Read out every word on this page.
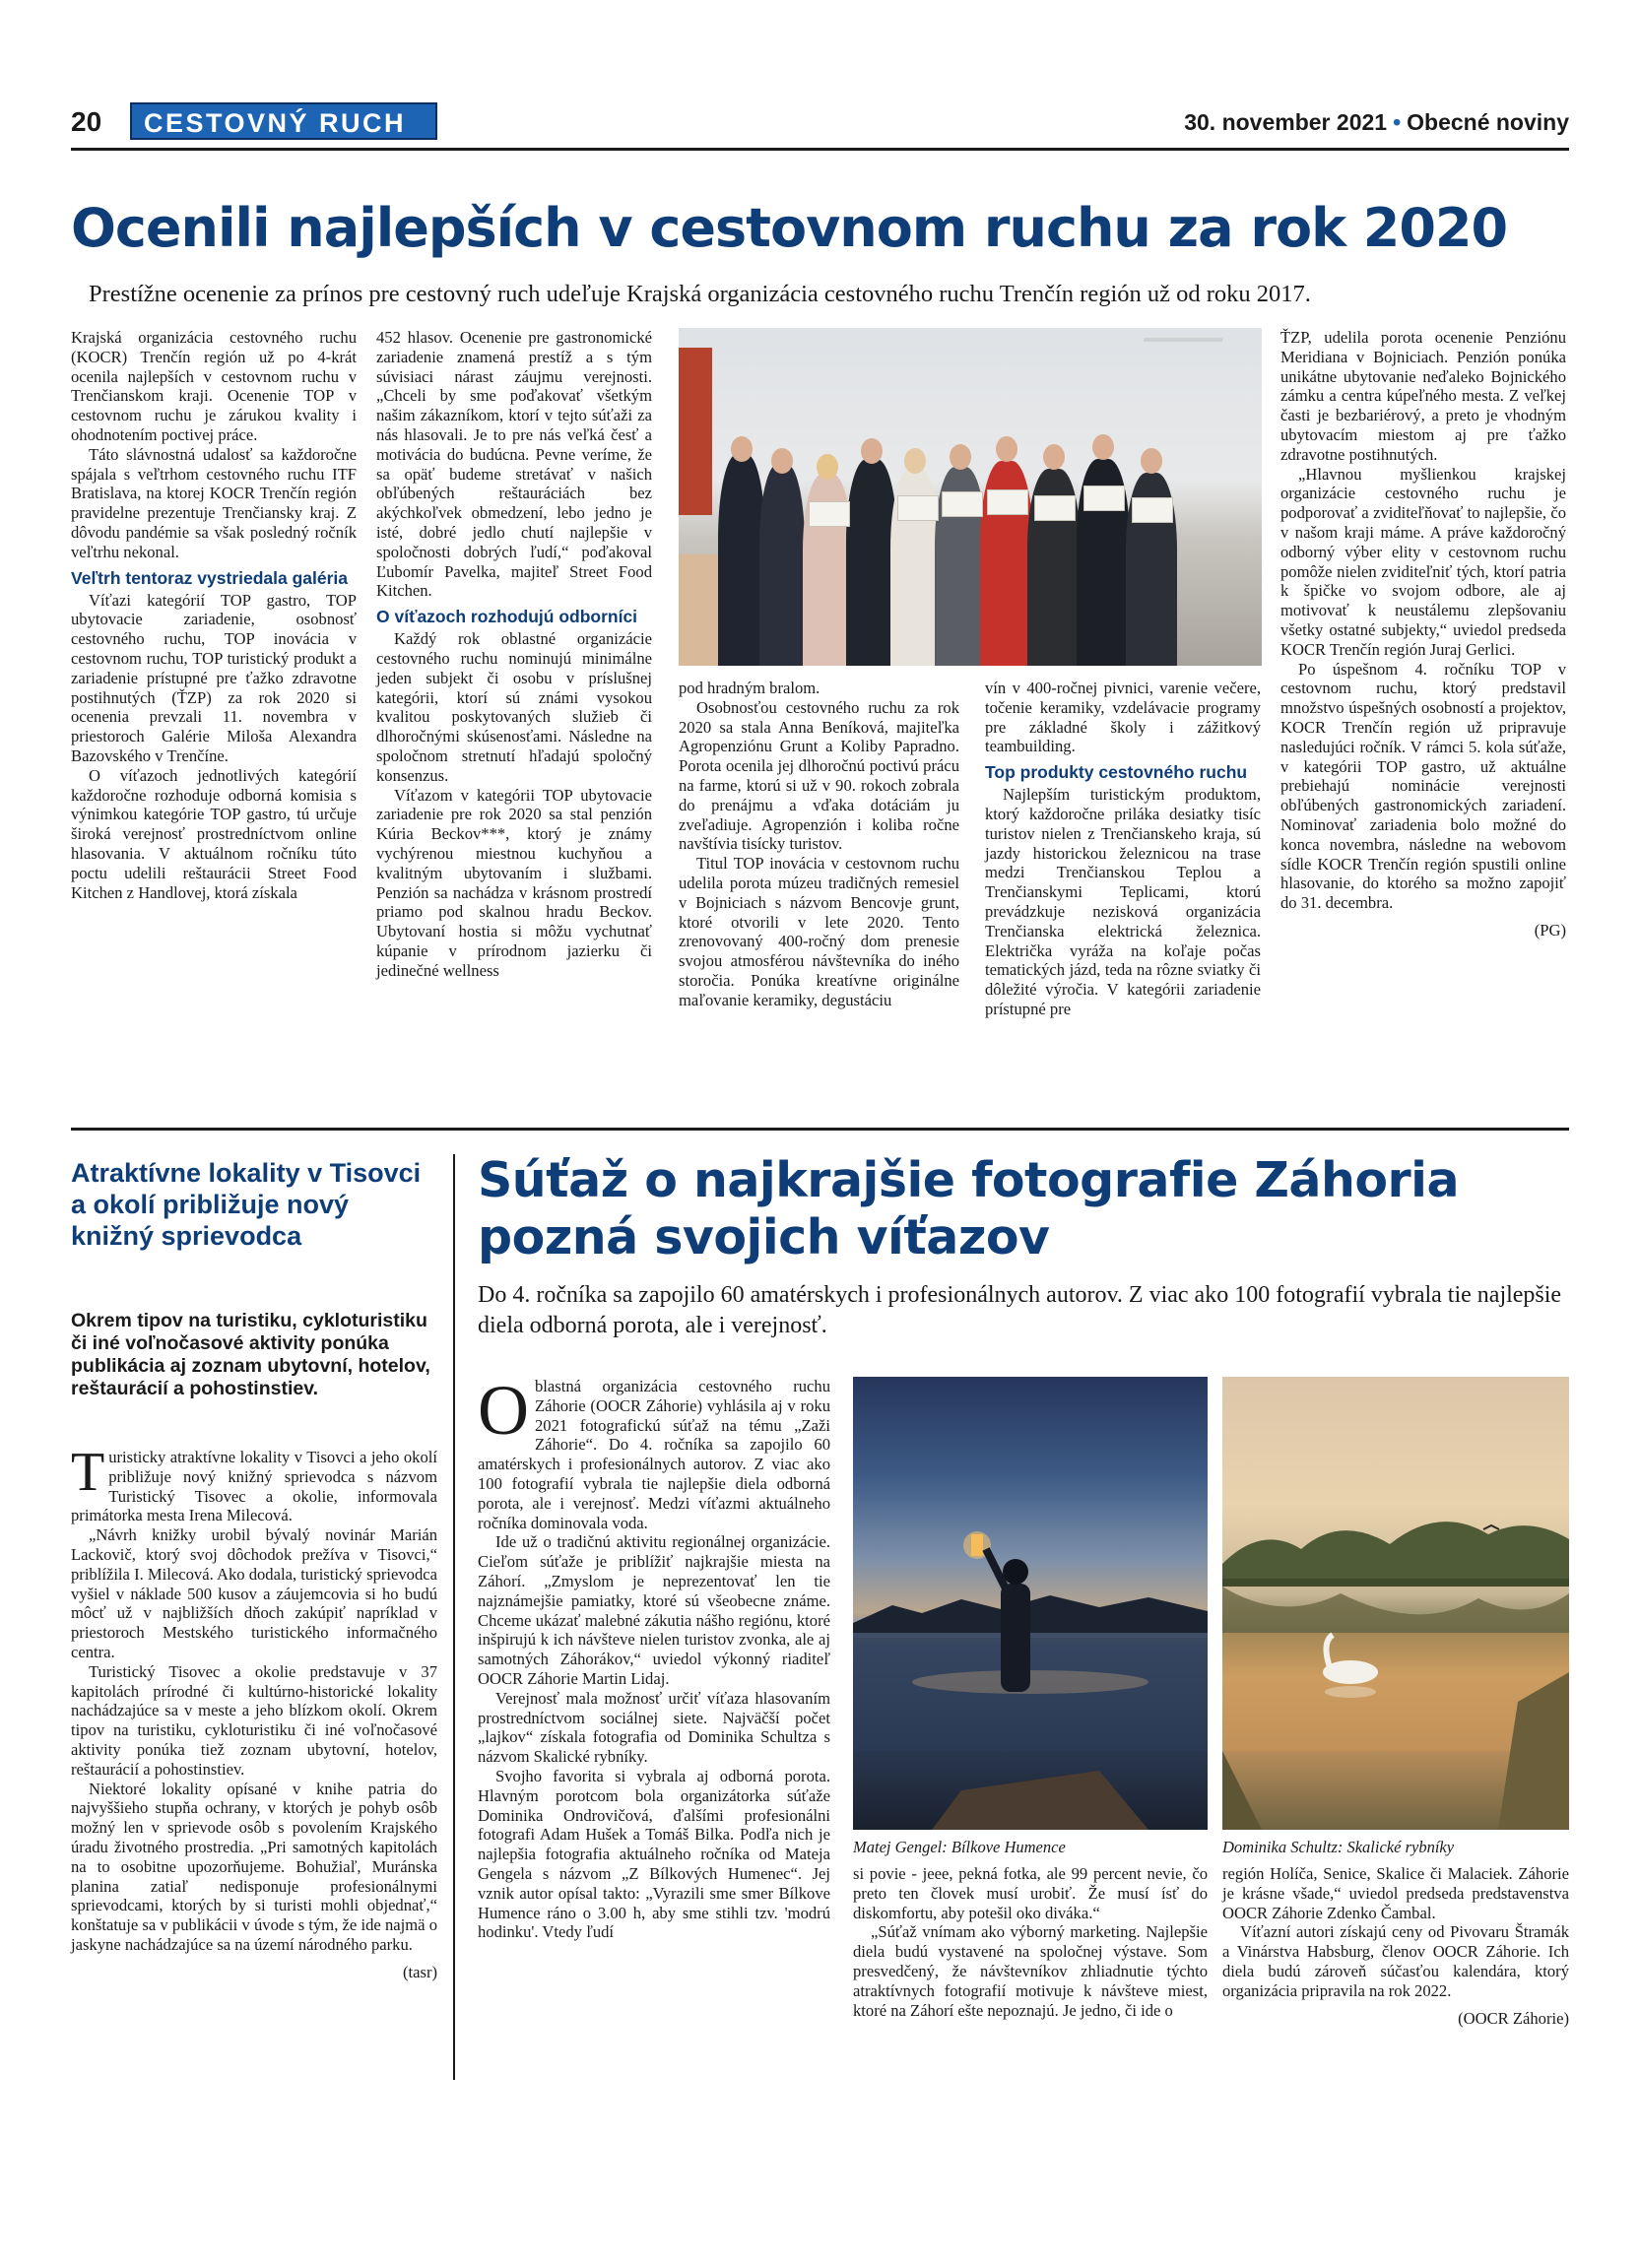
20	CESTOVNÝ RUCH	30. november 2021 • Obecné noviny
Ocenili najlepších v cestovnom ruchu za rok 2020
Prestížne ocenenie za prínos pre cestovný ruch udeľuje Krajská organizácia cestovného ruchu Trenčín región už od roku 2017.

Krajská organizácia cestovného ruchu (KOCR) Trenčín región už po 4-krát ocenila najlepších v cestovnom ruchu v Trenčianskom kraji. Ocenenie TOP v cestovnom ruchu je zárukou kvality i ohodnotením poctivej práce.

Táto slávnostná udalosť sa každoročne spájala s veľtrhom cestovného ruchu ITF Bratislava, na ktorej KOCR Trenčín región pravidelne prezentuje Trenčiansky kraj. Z dôvodu pandémie sa však posledný ročník veľtrhu nekonal.

Veľtrh tentoraz vystriedala galéria

Víťazi kategórií TOP gastro, TOP ubytovacie zariadenie, osobnosť cestovného ruchu, TOP inovácia v cestovnom ruchu, TOP turistický produkt a zariadenie prístupné pre ťažko zdravotne postihnutých (ŤZP) za rok 2020 si ocenenia prevzali 11. novembra v priestoroch Galérie Miloša Alexandra Bazovského v Trenčíne.

O víťazoch jednotlivých kategórií každoročne rozhoduje odborná komisia s výnimkou kategórie TOP gastro, tú určuje široká verejnosť prostredníctvom online hlasovania. V aktuálnom ročníku túto poctu udelili reštaurácii Street Food Kitchen z Handlovej, ktorá získala

452 hlasov. Ocenenie pre gastronomické zariadenie znamená prestíž a s tým súvisiaci nárast záujmu verejnosti. „Chceli by sme poďakovať všetkým našim zákazníkom, ktorí v tejto súťaži za nás hlasovali. Je to pre nás veľká česť a motivácia do budúcna. Pevne veríme, že sa opäť budeme stretávať v našich obľúbených reštauráciách bez akýchkoľvek obmedzení, lebo jedno je isté, dobré jedlo chutí najlepšie v spoločnosti dobrých ľudí,“ poďakoval Ľubomír Pavelka, majiteľ Street Food Kitchen.

O víťazoch rozhodujú odborníci

Každý rok oblastné organizácie cestovného ruchu nominujú minimálne jeden subjekt či osobu v príslušnej kategórii, ktorí sú známi vysokou kvalitou poskytovaných služieb či dlhoročnými skúsenosťami. Následne na spoločnom stretnutí hľadajú spoločný konsenzus.

Víťazom v kategórii TOP ubytovacie zariadenie pre rok 2020 sa stal penzión Kúria Beckov***, ktorý je známy vychýrenou miestnou kuchyňou a kvalitným ubytovaním i službami. Penzión sa nachádza v krásnom prostredí priamo pod skalnou hradu Beckov. Ubytovaní hostia si môžu vychutnať kúpanie v prírodnom jazierku či jedinečné wellness

pod hradným bralom.

Osobnosťou cestovného ruchu za rok 2020 sa stala Anna Beníková, majiteľka Agropenziónu Grunt a Koliby Papradno. Porota ocenila jej dlhoročnú poctivú prácu na farme, ktorú si už v 90. rokoch zobrala do prenájmu a vďaka dotáciám ju zveľadiuje. Agropenzión i koliba ročne navštívia tisícky turistov.

Titul TOP inovácia v cestovnom ruchu udelila porota múzeu tradičných remesiel v Bojniciach s názvom Bencovje grunt, ktoré otvorili v lete 2020. Tento zrenovovaný 400-ročný dom prenesie svojou atmosférou návštevníka do iného storočia. Ponúka kreatívne originálne maľovanie keramiky, degustáciu

vín v 400-ročnej pivnici, varenie večere, točenie keramiky, vzdelávacie programy pre základné školy i zážitkový teambuilding.

Top produkty cestovného ruchu

Najlepším turistickým produktom, ktorý každoročne priláka desiatky tisíc turistov nielen z Trenčianskeho kraja, sú jazdy historickou železnicou na trase medzi Trenčianskou Teplou a Trenčianskymi Teplicami, ktorú prevádzkuje nezisková organizácia Trenčianska elektrická železnica. Električka vyráža na koľaje počas tematických jázd, teda na rôzne sviatky či dôležité výročia. V kategórii zariadenie prístupné pre

ŤZP, udelila porota ocenenie Penziónu Meridiana v Bojniciach. Penzión ponúka unikátne ubytovanie neďaleko Bojnického zámku a centra kúpeľného mesta. Z veľkej časti je bezbariérový, a preto je vhodným ubytovacím miestom aj pre ťažko zdravotne postihnutých.

„Hlavnou myšlienkou krajskej organizácie cestovného ruchu je podporovať a zviditeľňovať to najlepšie, čo v našom kraji máme. A práve každoročný odborný výber elity v cestovnom ruchu pomôže nielen zviditeľniť tých, ktorí patria k špičke vo svojom odbore, ale aj motivovať k neustálemu zlepšovaniu všetky ostatné subjekty,“ uviedol predseda KOCR Trenčín región Juraj Gerlici.

Po úspešnom 4. ročníku TOP v cestovnom ruchu, ktorý predstavil množstvo úspešných osobností a projektov, KOCR Trenčín región už pripravuje nasledujúci ročník. V rámci 5. kola súťaže, v kategórii TOP gastro, už aktuálne prebiehajú nominácie verejnosti obľúbených gastronomických zariadení. Nominovať zariadenia bolo možné do konca novembra, následne na webovom sídle KOCR Trenčín región spustili online hlasovanie, do ktorého sa možno zapojiť do 31. decembra.

(PG)
Atraktívne lokality v Tisovci a okolí približuje nový knižný sprievodca
Okrem tipov na turistiku, cykloturistiku či iné voľnočasové aktivity ponúka publikácia aj zoznam ubytovní, hotelov, reštaurácií a pohostinstiev.

Turisticky atraktívne lokality v Tisovci a jeho okolí približuje nový knižný sprievodca s názvom Turistický Tisovec a okolie, informovala primátorka mesta Irena Milecová.

„Návrh knižky urobil bývalý novinár Marián Lackovič, ktorý svoj dôchodok prežíva v Tisovci,“ priblížila I. Milecová. Ako dodala, turistický sprievodca vyšiel v náklade 500 kusov a záujemcovia si ho budú môcť už v najbližších dňoch zakúpiť napríklad v priestoroch Mestského turistického informačného centra.

Turistický Tisovec a okolie predstavuje v 37 kapitolách prírodné či kultúrno-historické lokality nachádzajúce sa v meste a jeho blízkom okolí. Okrem tipov na turistiku, cykloturistiku či iné voľnočasové aktivity ponúka tiež zoznam ubytovní, hotelov, reštaurácií a pohostinstiev.

Niektoré lokality opísané v knihe patria do najvyššieho stupňa ochrany, v ktorých je pohyb osôb možný len v sprievode osôb s povolením Krajského úradu životného prostredia. „Pri samotných kapitolách na to osobitne upozorňujeme. Bohužiaľ, Muránska planina zatiaľ nedisponuje profesionálnymi sprievodcami, ktorých by si turisti mohli objednať,“ konštatuje sa v publikácii v úvode s tým, že ide najmä o jaskyne nachádzajúce sa na území národného parku.

(tasr)
Súťaž o najkrajšie fotografie Záhoria pozná svojich víťazov
Do 4. ročníka sa zapojilo 60 amatérskych i profesionálnych autorov. Z viac ako 100 fotografií vybrala tie najlepšie diela odborná porota, ale i verejnosť.

Oblastná organizácia cestovného ruchu Záhorie (OOCR Záhorie) vyhlásila aj v roku 2021 fotografickú súťaž na tému „Zaži Záhorie“. Do 4. ročníka sa zapojilo 60 amatérskych i profesionálnych autorov. Z viac ako 100 fotografií vybrala tie najlepšie diela odborná porota, ale i verejnosť. Medzi víťazmi aktuálneho ročníka dominovala voda.

Ide už o tradičnú aktivitu regionálnej organizácie. Cieľom súťaže je priblížiť najkrajšie miesta na Záhorí. „Zmyslom je neprezentovať len tie najznámejšie pamiatky, ktoré sú všeobecne známe. Chceme ukázať malebné zákutia nášho regiónu, ktoré inšpirujú k ich návšteve nielen turistov zvonka, ale aj samotných Záhorákov,“ uviedol výkonný riaditeľ OOCR Záhorie Martin Lidaj.

Verejnosť mala možnosť určiť víťaza hlasovaním prostredníctvom sociálnej siete. Najväčší počet „lajkov“ získala fotografia od Dominika Schultza s názvom Skalické rybníky.

Svojho favorita si vybrala aj odborná porota. Hlavným porotcom bola organizátorka súťaže Dominika Ondrovičová, ďalšími profesionálni fotografi Adam Hušek a Tomáš Bilka. Podľa nich je najlepšia fotografia aktuálneho ročníka od Mateja Gengela s názvom „Z Bílkových Humenec“. Jej vznik autor opísal takto: „Vyrazili sme smer Bílkove Humence ráno o 3.00 h, aby sme stihli tzv. 'modrú hodinku'. Vtedy ľudí

Matej Gengel: Bílkove Humence	Dominika Schultz: Skalické rybníky

si povie - jeee, pekná fotka, ale 99 percent nevie, čo preto ten človek musí urobiť. Že musí ísť do diskomfortu, aby potešil oko diváka.“

„Súťaž vnímam ako výborný marketing. Najlepšie diela budú vystavené na spoločnej výstave. Som presvedčený, že návštevníkov zhliadnutie týchto atraktívnych fotografií motivuje k návšteve miest, ktoré na Záhorí ešte nepoznajú. Je jedno, či ide o

región Holíča, Senice, Skalice či Malaciek. Záhorie je krásne všade,“ uviedol predseda predstavenstva OOCR Záhorie Zdenko Čambal.

Víťazní autori získajú ceny od Pivovaru Štramák a Vinárstva Habsburg, členov OOCR Záhorie. Ich diela budú zároveň súčasťou kalendára, ktorý organizácia pripravila na rok 2022.

(OOCR Záhorie)
